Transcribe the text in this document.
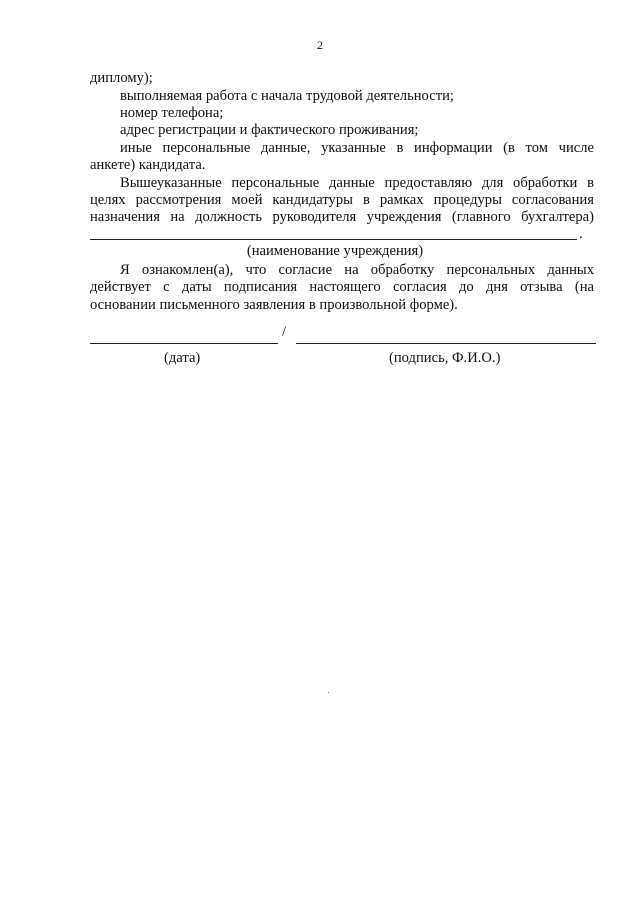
2
диплому);
выполняемая работа с начала трудовой деятельности;
номер телефона;
адрес регистрации и фактического проживания;
иные персональные данные, указанные в информации (в том числе
анкете) кандидата.
Вышеуказанные персональные данные предоставляю для обработки в
целях рассмотрения моей кандидатуры в рамках процедуры согласования
назначения на должность руководителя учреждения (главного бухгалтера)
.
(наименование учреждения)
Я ознакомлен(а), что согласие на обработку персональных данных
действует с даты подписания настоящего согласия до дня отзыва (на
основании письменного заявления в произвольной форме).
/
(дата)	(подпись, Ф.И.О.)
